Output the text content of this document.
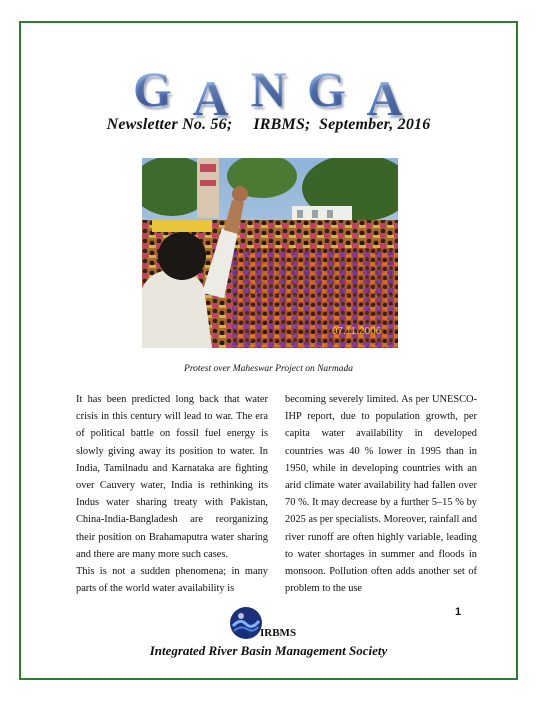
G A N G A
Newsletter No. 56;     IRBMS;  September, 2016
07.11.2006
Protest over Maheswar Project on Narmada

It has been predicted long back that water crisis in this century will lead to war. The era of political battle on fossil fuel energy is slowly giving away its position to water. In India, Tamilnadu and Karnataka are fighting over Cauvery water, India is rethinking its Indus water sharing treaty with Pakistan, China-India-Bangladesh are reorganizing their position on Brahamaputra water sharing and there are many more such cases.

This is not a sudden phenomena; in many parts of the world water availability is

becoming severely limited. As per UNESCO- IHP report, due to population growth, per capita water availability in developed countries was 40 % lower in 1995 than in 1950, while in developing countries with an arid climate water availability had fallen over 70 %. It may decrease by a further 5–15 % by 2025 as per specialists. Moreover, rainfall and river runoff are often highly variable, leading to water shortages in summer and floods in monsoon. Pollution often adds another set of problem to the use

1
IRBMS
Integrated River Basin Management Society
